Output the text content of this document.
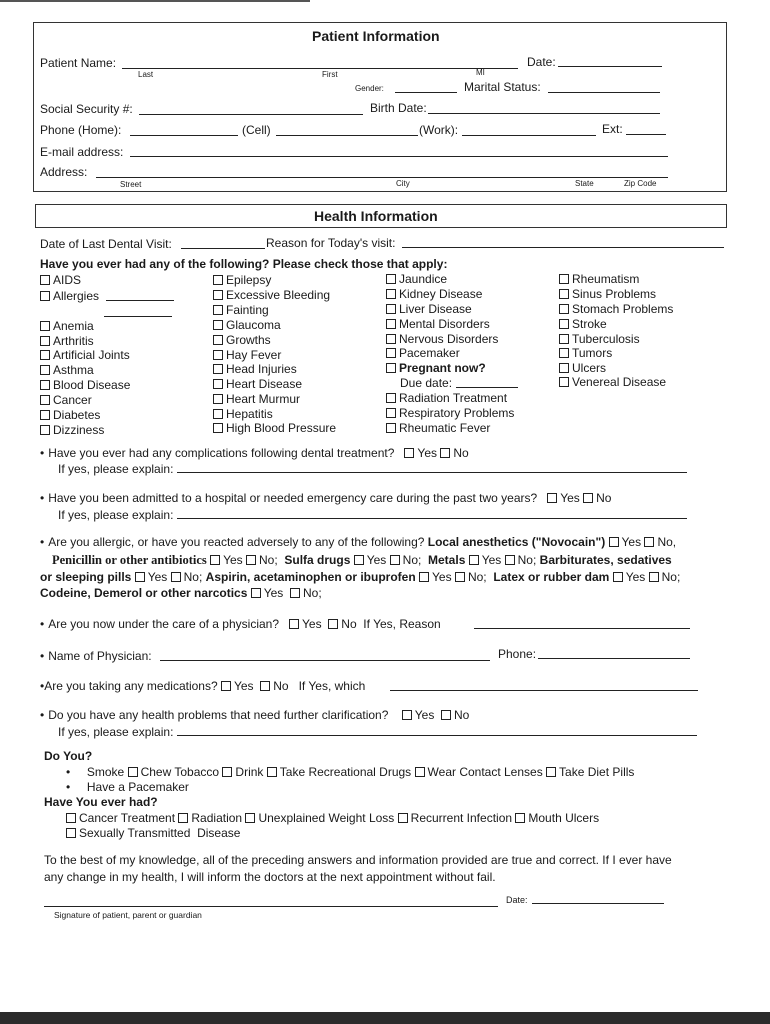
Patient Information
Patient Name:
Last	First	MI
Date:
Gender:	Marital Status:
Social Security #:	Birth Date:
Phone (Home):	(Cell)	(Work):	Ext:
E-mail address:
Address:
Street	City	State	Zip Code
Health Information
Date of Last Dental Visit:	Reason for Today's visit:
Have you ever had any of the following? Please check those that apply:
AIDS
Allergies
Anemia
Arthritis
Artificial Joints
Asthma
Blood Disease
Cancer
Diabetes
Dizziness
Epilepsy
Excessive Bleeding
Fainting
Glaucoma
Growths
Hay Fever
Head Injuries
Heart Disease
Heart Murmur
Hepatitis
High Blood Pressure
Jaundice
Kidney Disease
Liver Disease
Mental Disorders
Nervous Disorders
Pacemaker
Pregnant now?
Due date:
Radiation Treatment
Respiratory Problems
Rheumatic Fever
Rheumatism
Sinus Problems
Stomach Problems
Stroke
Tuberculosis
Tumors
Ulcers
Venereal Disease
• Have you ever had any complications following dental treatment? Yes No
If yes, please explain:
• Have you been admitted to a hospital or needed emergency care during the past two years? Yes No
If yes, please explain:
• Are you allergic, or have you reacted adversely to any of the following? Local anesthetics ("Novocain") Yes No,
Penicillin or other antibiotics Yes No; Sulfa drugs Yes No; Metals Yes No; Barbiturates, sedatives
or sleeping pills Yes No; Aspirin, acetaminophen or ibuprofen Yes No; Latex or rubber dam Yes No;
Codeine, Demerol or other narcotics Yes No;
• Are you now under the care of a physician? Yes No If Yes, Reason
• Name of Physician:	Phone:
•Are you taking any medications? Yes No If Yes, which
• Do you have any health problems that need further clarification? Yes No
If yes, please explain:
Do You?
•     Smoke Chew Tobacco Drink Take Recreational Drugs Wear Contact Lenses Take Diet Pills
•     Have a Pacemaker
Have You ever had?
Cancer Treatment Radiation Unexplained Weight Loss Recurrent Infection Mouth Ulcers
Sexually Transmitted Disease
To the best of my knowledge, all of the preceding answers and information provided are true and correct. If I ever have
any change in my health, I will inform the doctors at the next appointment without fail.
Date:
Signature of patient, parent or guardian
